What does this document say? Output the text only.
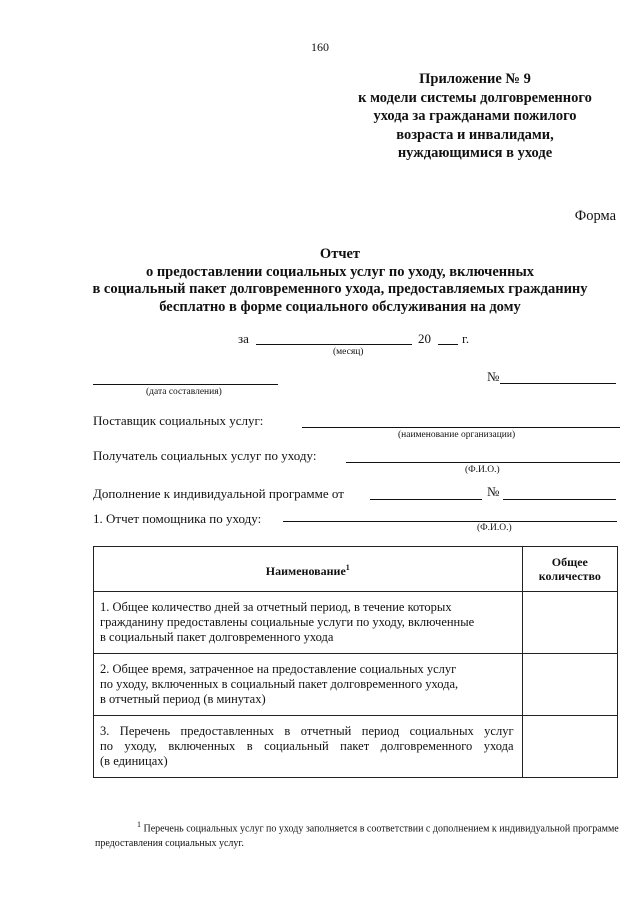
160
Приложение № 9
к модели системы долговременного
ухода за гражданами пожилого
возраста и инвалидами,
нуждающимися в уходе
Форма
Отчет
о предоставлении социальных услуг по уходу, включенных
в социальный пакет долговременного ухода, предоставляемых гражданину
бесплатно в форме социального обслуживания на дому
за	20 г.
(месяц)
(дата составления)
№
Поставщик социальных услуг:
(наименование организации)
Получатель социальных услуг по уходу:
(Ф.И.О.)
Дополнение к индивидуальной программе от	№
1. Отчет помощника по уходу:
(Ф.И.О.)
Наименование$^1$	Общее
количество

1. Общее количество дней за отчетный период, в течение которых
гражданину предоставлены социальные услуги по уходу, включенные
в социальный пакет долговременного ухода	

2. Общее время, затраченное на предоставление социальных услуг
по уходу, включенных в социальный пакет долговременного ухода,
в отчетный период (в минутах)	

3. Перечень предоставленных в отчетный период социальных услуг
по уходу, включенных в социальный пакет долговременного ухода
(в единицах)	

$^1$ Перечень социальных услуг по уходу заполняется в соответствии с дополнением к индивидуальной программе предоставления социальных услуг.
